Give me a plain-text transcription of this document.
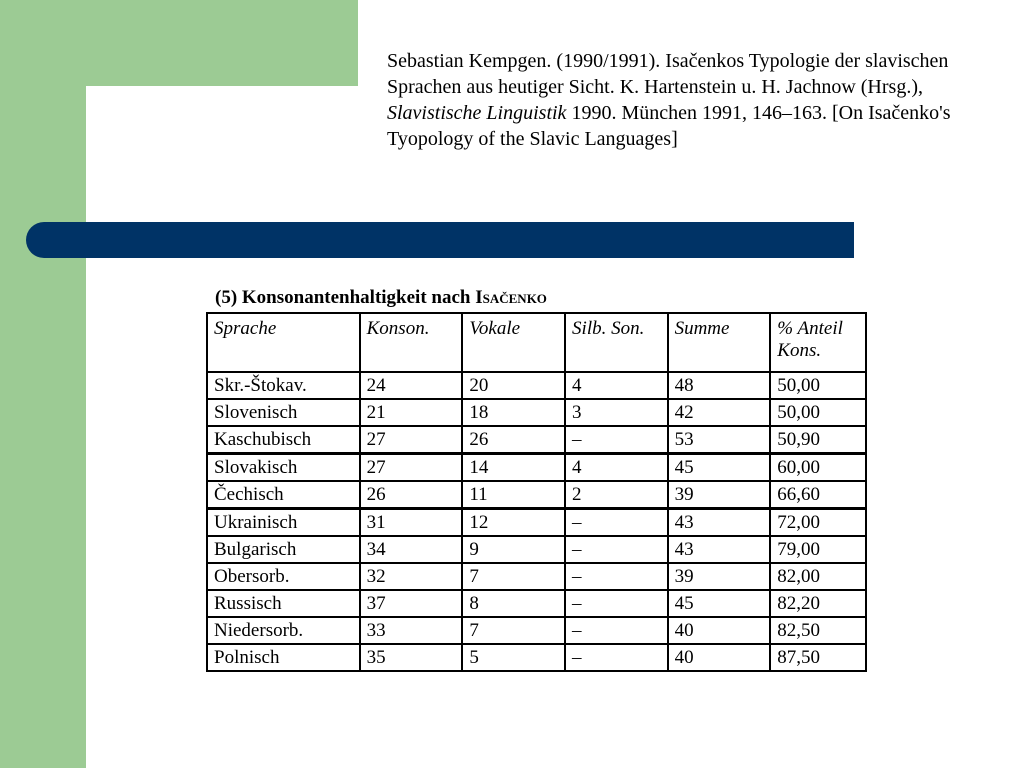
Sebastian Kempgen. (1990/1991). Isačenkos Typologie der slavischen Sprachen aus heutiger Sicht. K. Hartenstein u. H. Jachnow (Hrsg.), Slavistische Linguistik 1990. München 1991, 146–163. [On Isačenko's Tyopology of the Slavic Languages]
(5) Konsonantenhaltigkeit nach Isačenko
Sprache	Konson.	Vokale	Silb. Son.	Summe	% Anteil Kons.
Skr.-Štokav.	24	20	4	48	50,00
Slovenisch	21	18	3	42	50,00
Kaschubisch	27	26	–	53	50,90
Slovakisch	27	14	4	45	60,00
Čechisch	26	11	2	39	66,60
Ukrainisch	31	12	–	43	72,00
Bulgarisch	34	9	–	43	79,00
Obersorb.	32	7	–	39	82,00
Russisch	37	8	–	45	82,20
Niedersorb.	33	7	–	40	82,50
Polnisch	35	5	–	40	87,50
